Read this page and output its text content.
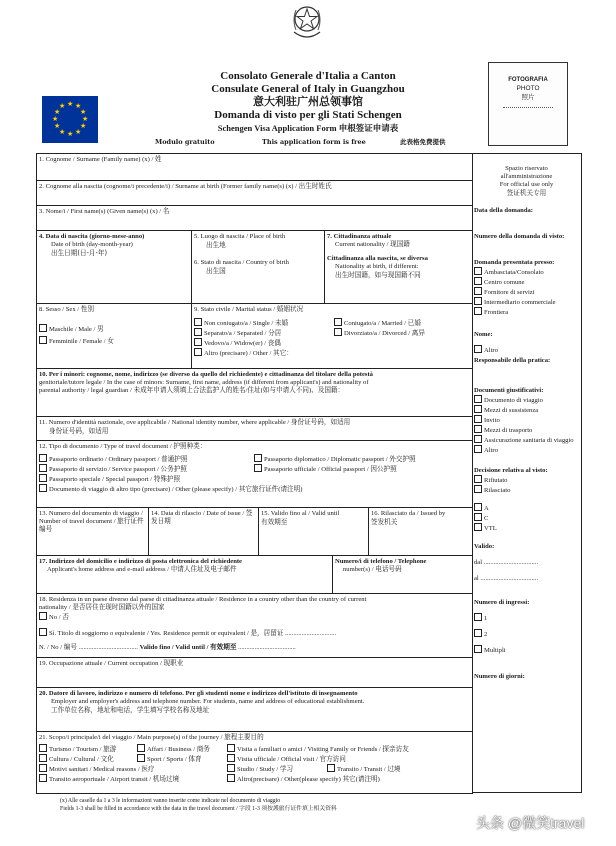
Consolato Generale d'Italia a Canton
Consulate General of Italy in Guangzhou
意大利驻广州总领事馆
Domanda di visto per gli Stati Schengen
Schengen Visa Application Form 申根签证申请表
Modulo gratuito	This application form is free	此表格免费提供
★ ★
★
★
★
★
★
★
★
★
★
★
FOTOGRAFIA
PHOTO
照片
1. Cognome / Surname (Family name) (x) / 姓
2. Cognome alla nascita (cognome/i precedente/i) / Surname at birth (Former family name(s) (x) / 出生时姓氏
3. Nome/i / First name(s) (Given name(s) (x) / 名
4. Data di nascita (giorno-mese-anno)
Date of birth (day-month-year)
出生日期(日-月-年)
5. Luogo di nascita / Place of birth
出生地
6. Stato di nascita / Country of birth
出生国
7. Cittadinanza attuale
Current nationality / 现国籍
Cittadinanza alla nascita, se diversa
Nationality at birth, if different:
出生时国籍，如与现国籍不同
8. Sesso / Sex / 性别
Maschile / Male / 男
Femminile / Female / 女
9. Stato civile / Marital status / 婚姻状况
Non coniugato/a / Single / 未婚
Separato/a / Separated / 分居
Vedovo/a / Widow(er) / 丧偶
Altro (precisare) / Other / 其它：
Coniugato/a / Married / 已婚
Divorziato/a / Divorced / 离异
10. Per i minori: cognome, nome, indirizzo (se diverso da quello del richiedente) e cittadinanza del titolare della potestà
genitoriale/tutore legale / In the case of minors: Surname, first name, address (if different from applicant's) and nationality of
parental authority / legal guardian / 未成年申请人须填上合法监护人的姓名/住址(如与申请人不同)、及国籍：
11. Numero d'identità nazionale, ove applicabile / National identity number, where applicable / 身份证号码，如适用
身份证号码，如适用
12. Tipo di documento / Type of travel document / 护照种类：
Passaporto ordinario / Ordinary passport / 普通护照
Passaporto di servizio / Service passport / 公务护照
Passaporto speciale / Special passport / 特殊护照
Passaporto diplomatico / Diplomatic passport / 外交护照
Passaporto ufficiale / Official passport / 因公护照
Documento di viaggio di altro tipo (precisare) / Other (please specify) / 其它旅行证件(请注明)
13. Numero del documento di viaggio / Number of travel document / 旅行证件编号
14. Data di rilascio / Date of issue / 签发日期
15. Valido fino al / Valid until
有效期至
16. Rilasciato da / Issued by
签发机关
17. Indirizzo del domicilio e indirizzo di posta elettronica del richiedente
Applicant's home address and e-mail address / 申请人住址及电子邮件
Numero/i di telefono / Telephone
number(s) / 电话号码
18. Residenza in un paese diverso dal paese di cittadinanza attuale / Residence in a country other than the country of current
nationality / 是否居住在现时国籍以外的国家
No / 否
Sì. Titolo di soggiorno o equivalente / Yes. Residence permit or equivalent / 是，居留证 ...............................
N. / No / 编号 .................................... Valido fino / Valid until / 有效期至 ...................................
19. Occupazione attuale / Current occupation / 现职业
20. Datore di lavoro, indirizzo e numero di telefono. Per gli studenti nome e indirizzo dell'istituto di insegnamento
Employer and employer's address and telephone number. For students, name and address of educational establishment.
工作单位名称，地址和电话，学生填写学校名称及地址
21. Scopo/i principale/i del viaggio / Main purpose(s) of the journey / 旅程主要目的
Turismo / Tourism / 旅游
Cultura / Cultural / 文化
Affari / Business / 商务
Sport / Sports / 体育
Visita a familiari o amici / Visiting Family or Friends / 探亲访友
Visita ufficiale / Official visit / 官方访问
Motivi sanitari / Medical reasons / 医疗	Studio / Study / 学习	Transito / Transit / 过境
Transito aeroportuale / Airport transit / 机场过境	Altro(precisare) / Other(please specify) 其它(请注明)
Spazio riservato
all'amministrazione
For official use only
签证机关专用
Data della domanda:
Numero della domanda di visto:
Domanda presentata presso:
Ambasciata/Consolato
Centro comune
Fornitore di servizi
Intermediario commerciale
Frontiera
Nome:
Altro
Responsabile della pratica:
Documenti giustificativi:
Documento di viaggio
Mezzi di sussistenza
Invito
Mezzi di trasporto
Assicurazione sanitaria di viaggio
Altro
Decisione relativa al visto:
Rifiutato
Rilasciato
A
C
VTL
Valido:
dal .................................
al ...................................
Numero di ingressi:
1
2
Multipli
Numero di giorni:
(x) Alle caselle da 1 a 3 le informazioni vanno inserite come indicate nel documento di viaggio
Fields 1-3 shall be filled in accordance with the data in the travel document / 字段 1-3 须按護旅行证件填上相关资料
头条 @微笑travel
